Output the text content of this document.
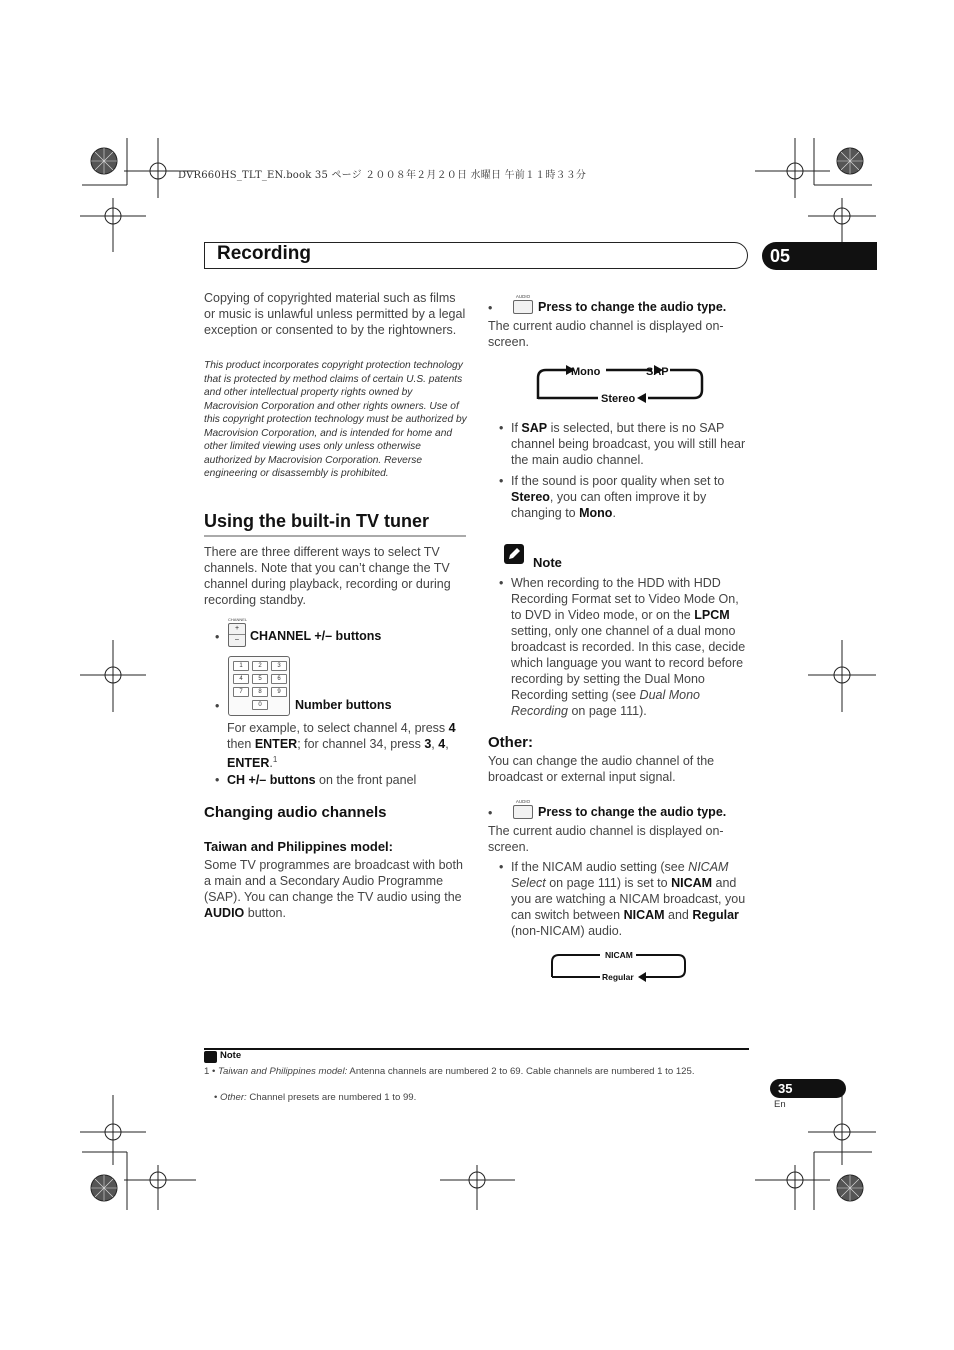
DVR660HS_TLT_EN.book 35 ページ ２００８年２月２０日 水曜日 午前１１時３３分
Recording	05
Copying of copyrighted material such as films or music is unlawful unless permitted by a legal exception or consented to by the rightowners.
This product incorporates copyright protection technology that is protected by method claims of certain U.S. patents and other intellectual property rights owned by Macrovision Corporation and other rights owners. Use of this copyright protection technology must be authorized by Macrovision Corporation, and is intended for home and other limited viewing uses only unless otherwise authorized by Macrovision Corporation. Reverse engineering or disassembly is prohibited.
Using the built-in TV tuner
There are three different ways to select TV channels. Note that you can’t change the TV channel during playback, recording or during recording standby.
•
CHANNEL
+
– CHANNEL +/– buttons
1	2	3
4	5	6
7	8	9
0
•	Number buttons
For example, to select channel 4, press 4 then ENTER; for channel 34, press 3, 4, ENTER.$^1$
• CH +/– buttons on the front panel
Changing audio channels
Taiwan and Philippines model:
Some TV programmes are broadcast with both a main and a Secondary Audio Programme (SAP). You can change the TV audio using the AUDIO button.
•
AUDIO
Press to change the audio type.
The current audio channel is displayed on-screen.
Mono	SAP
Stereo
• If SAP is selected, but there is no SAP channel being broadcast, you will still hear the main audio channel.
• If the sound is poor quality when set to Stereo, you can often improve it by changing to Mono.
Note
• When recording to the HDD with HDD Recording Format set to Video Mode On, to DVD in Video mode, or on the LPCM setting, only one channel of a dual mono broadcast is recorded. In this case, decide which language you want to record before recording by setting the Dual Mono Recording setting (see Dual Mono Recording on page 111).
Other:
You can change the audio channel of the broadcast or external input signal.
•
AUDIO
Press to change the audio type.
The current audio channel is displayed on-screen.
• If the NICAM audio setting (see NICAM Select on page 111) is set to NICAM and you are watching a NICAM broadcast, you can switch between NICAM and Regular (non-NICAM) audio.
NICAM
Regular
Note
1 • Taiwan and Philippines model: Antenna channels are numbered 2 to 69. Cable channels are numbered 1 to 125.
• Other: Channel presets are numbered 1 to 99.
35
En
